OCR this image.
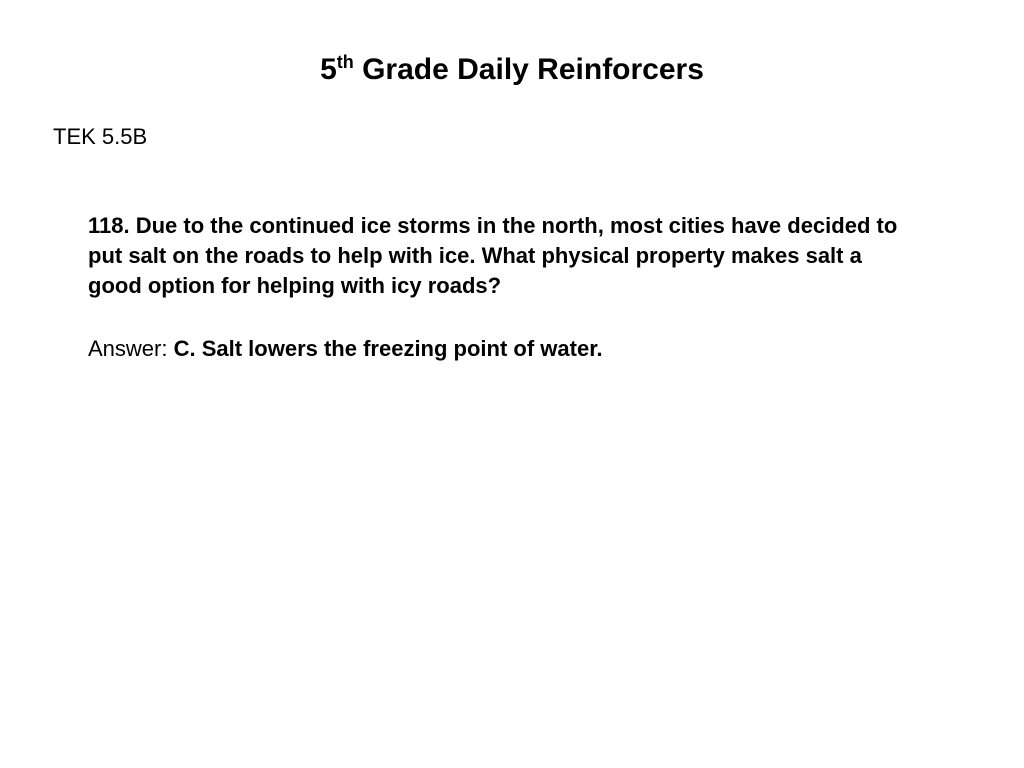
5th Grade Daily Reinforcers
TEK 5.5B

118. Due to the continued ice storms in the north, most cities have decided to put salt on the roads to help with ice. What physical property makes salt a good option for helping with icy roads?

Answer: C. Salt lowers the freezing point of water.
